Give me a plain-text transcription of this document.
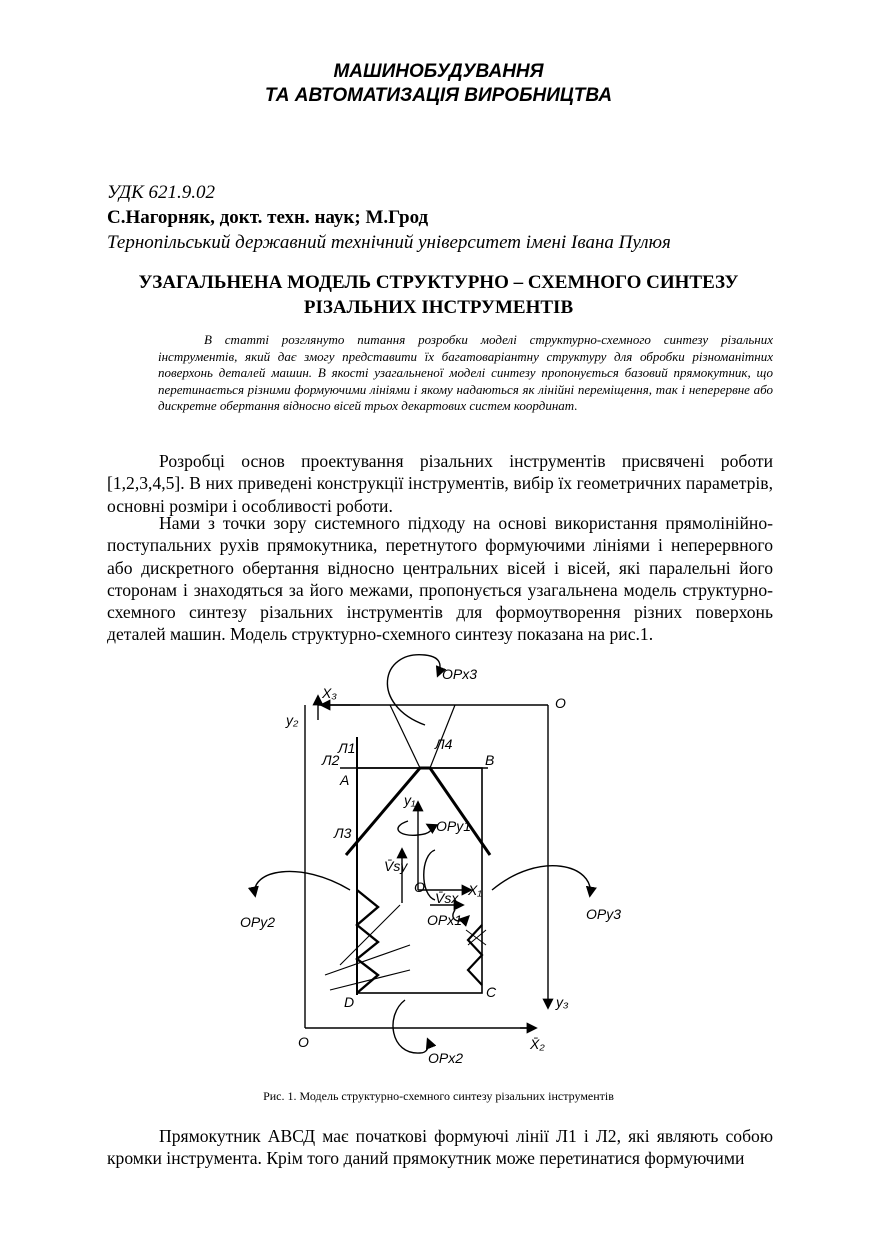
МАШИНОБУДУВАННЯ
ТА АВТОМАТИЗАЦІЯ ВИРОБНИЦТВА
УДК 621.9.02
С.Нагорняк, докт. техн. наук; М.Грод
Тернопільський державний технічний університет імені Івана Пулюя
УЗАГАЛЬНЕНА МОДЕЛЬ СТРУКТУРНО – СХЕМНОГО СИНТЕЗУ
РІЗАЛЬНИХ ІНСТРУМЕНТІВ

В статті розглянуто питання розробки моделі структурно-схемного синтезу різальних інструментів, який дає змогу представити їх багатоваріантну структуру для обробки різноманітних поверхонь деталей машин. В якості узагальненої моделі синтезу пропонується базовий прямокутник, що перетинається різними формуючими лініями і якому надаються як лінійні переміщення, так і неперервне або дискретне обертання відносно вісей трьох декартових систем координат.

Розробці основ проектування різальних інструментів присвячені роботи [1,2,3,4,5]. В них приведені конструкції інструментів, вибір їх геометричних параметрів, основні розміри і особливості роботи.

Нами з точки зору системного підходу на основі використання прямолінійно-поступальних рухів прямокутника, перетнутого формуючими лініями і неперервного або дискретного обертання відносно центральних вісей і вісей, які паралельні його сторонам і знаходяться за його межами, пропонується узагальнена модель структурно-схемного синтезу різальних інструментів для формоутворення різних поверхонь деталей машин. Модель структурно-схемного синтезу показана на рис.1.

X₃
O
y₂
Л1
Л2
Л4
Л3
A
B
C
D
y₁
V̄sy
O
V̄sx X₁
OPx3
OPy1
OPx1
OPy2	OPy3
OPx2
y₃
O	X̄₂
Рис. 1. Модель структурно-схемного синтезу різальних інструментів

Прямокутник АВСД має початкові формуючі лінії Л1 і Л2, які являють собою кромки інструмента. Крім того даний прямокутник може перетинатися формуючими
